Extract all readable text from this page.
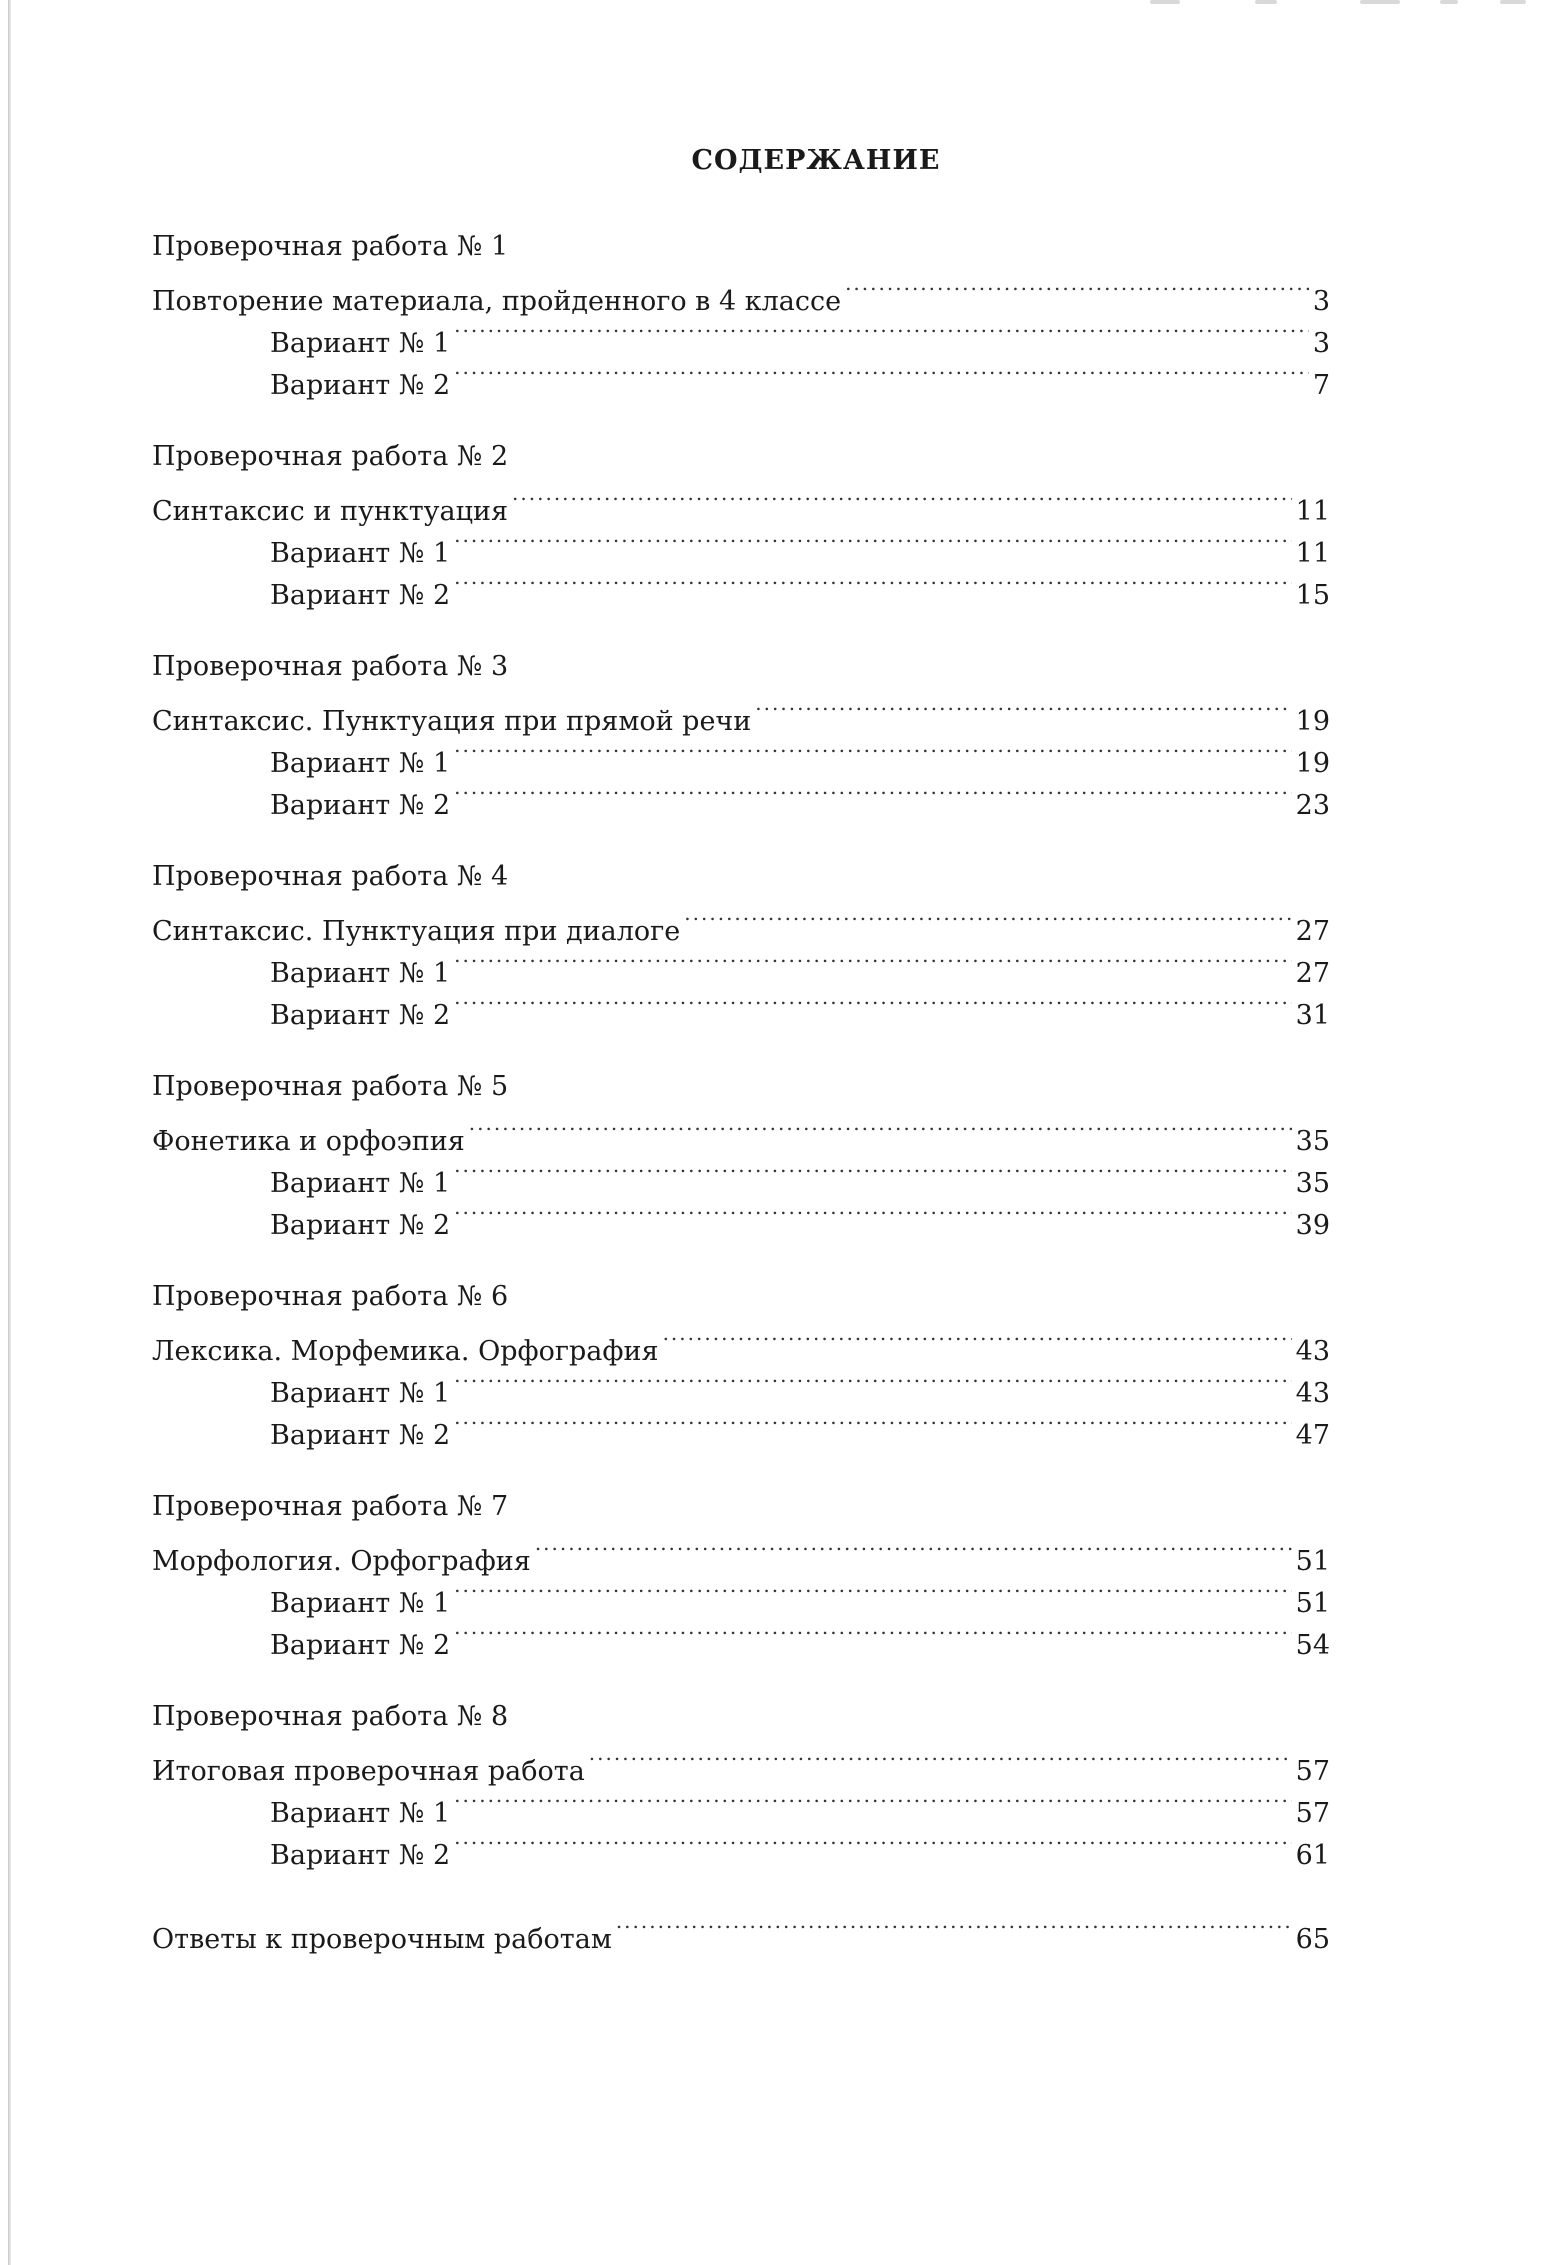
СОДЕРЖАНИЕ
Проверочная работа № 1
Повторение материала, пройденного в 4 классе .....	3
Вариант № 1 .....	3
Вариант № 2 .....	7
Проверочная работа № 2
Синтаксис и пунктуация .....	11
Вариант № 1 .....	11
Вариант № 2 .....	15
Проверочная работа № 3
Синтаксис. Пунктуация при прямой речи .....	19
Вариант № 1 .....	19
Вариант № 2 .....	23
Проверочная работа № 4
Синтаксис. Пунктуация при диалоге .....	27
Вариант № 1 .....	27
Вариант № 2 .....	31
Проверочная работа № 5
Фонетика и орфоэпия .....	35
Вариант № 1 .....	35
Вариант № 2 .....	39
Проверочная работа № 6
Лексика. Морфемика. Орфография .....	43
Вариант № 1 .....	43
Вариант № 2 .....	47
Проверочная работа № 7
Морфология. Орфография .....	51
Вариант № 1 .....	51
Вариант № 2 .....	54
Проверочная работа № 8
Итоговая проверочная работа .....	57
Вариант № 1 .....	57
Вариант № 2 .....	61
Ответы к проверочным работам .....	65
